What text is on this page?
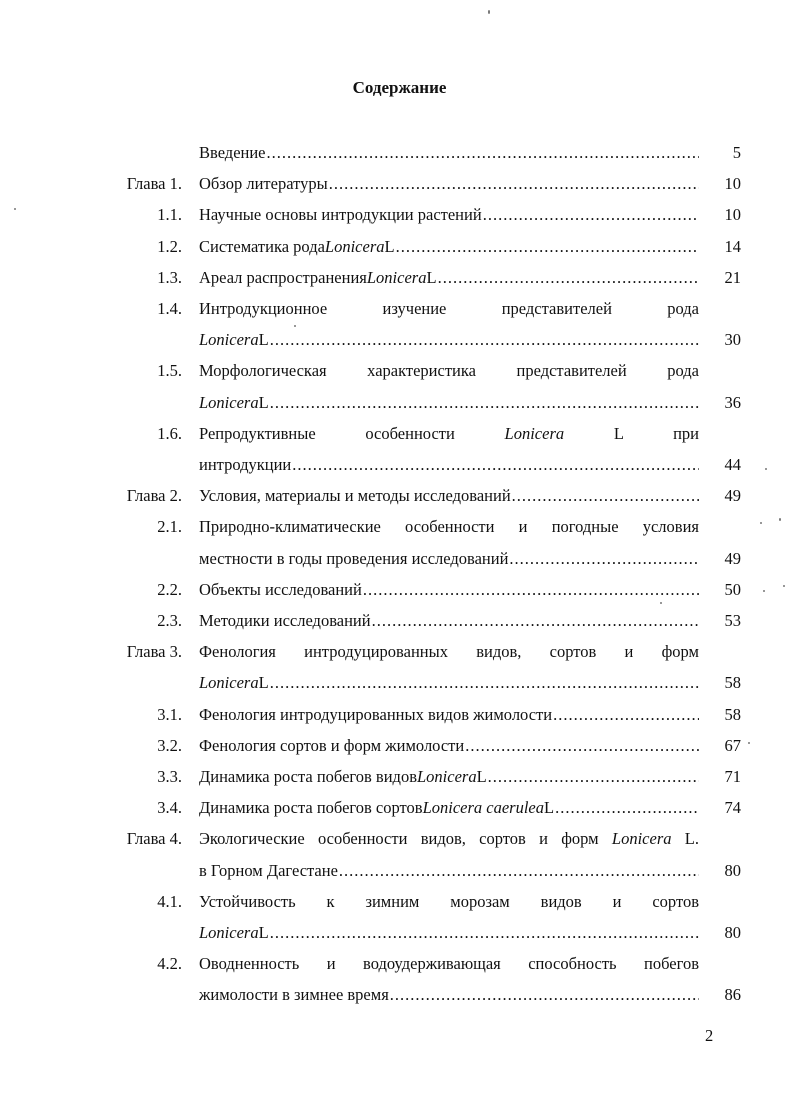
Содержание
Введение .....	5
Глава 1. Обзор литературы .....	10
1.1. Научные основы интродукции растений .....	10
1.2. Систематика рода Lonicera L .....	14
1.3. Ареал распространения Lonicera L .....	21
1.4. Интродукционное изучение представителей рода
Lonicera L .....	30
1.5. Морфологическая характеристика представителей рода
Lonicera L .....	36
1.6. Репродуктивные	особенности	Lonicera	L	при
интродукции .....	44
Глава 2. Условия, материалы и методы исследований .....	49
2.1. Природно-климатические особенности и погодные условия
местности в годы проведения исследований .....	49
2.2. Объекты исследований .....	50
2.3. Методики исследований .....	53
Глава 3. Фенология интродуцированных видов, сортов и форм
Lonicera L .....	58
3.1. Фенология интродуцированных видов жимолости .....	58
3.2. Фенология сортов и форм жимолости .....	67
3.3. Динамика роста побегов видов Lonicera L .....	71
3.4. Динамика роста побегов сортов Lonicera caerulea L .....	74
Глава 4. Экологические особенности видов, сортов и форм Lonicera L.
в Горном Дагестане .....	80
4.1. Устойчивость к зимним морозам видов и сортов
Lonicera L .....	80
4.2. Оводненность и водоудерживающая способность побегов
жимолости в зимнее время .....	86
2
